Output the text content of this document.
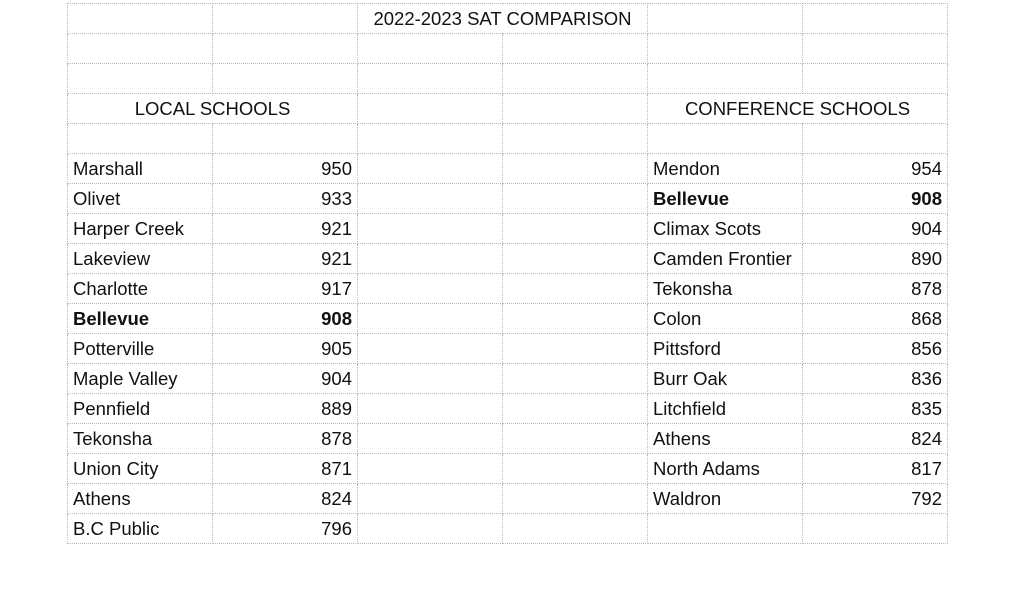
		2022-2023 SAT COMPARISON			

LOCAL SCHOOLS				CONFERENCE SCHOOLS	

Marshall	950			Mendon	954
Olivet	933			Bellevue	908
Harper Creek	921			Climax Scots	904
Lakeview	921			Camden Frontier	890
Charlotte	917			Tekonsha	878
Bellevue	908			Colon	868
Potterville	905			Pittsford	856
Maple Valley	904			Burr Oak	836
Pennfield	889			Litchfield	835
Tekonsha	878			Athens	824
Union City	871			North Adams	817
Athens	824			Waldron	792
B.C Public	796				
